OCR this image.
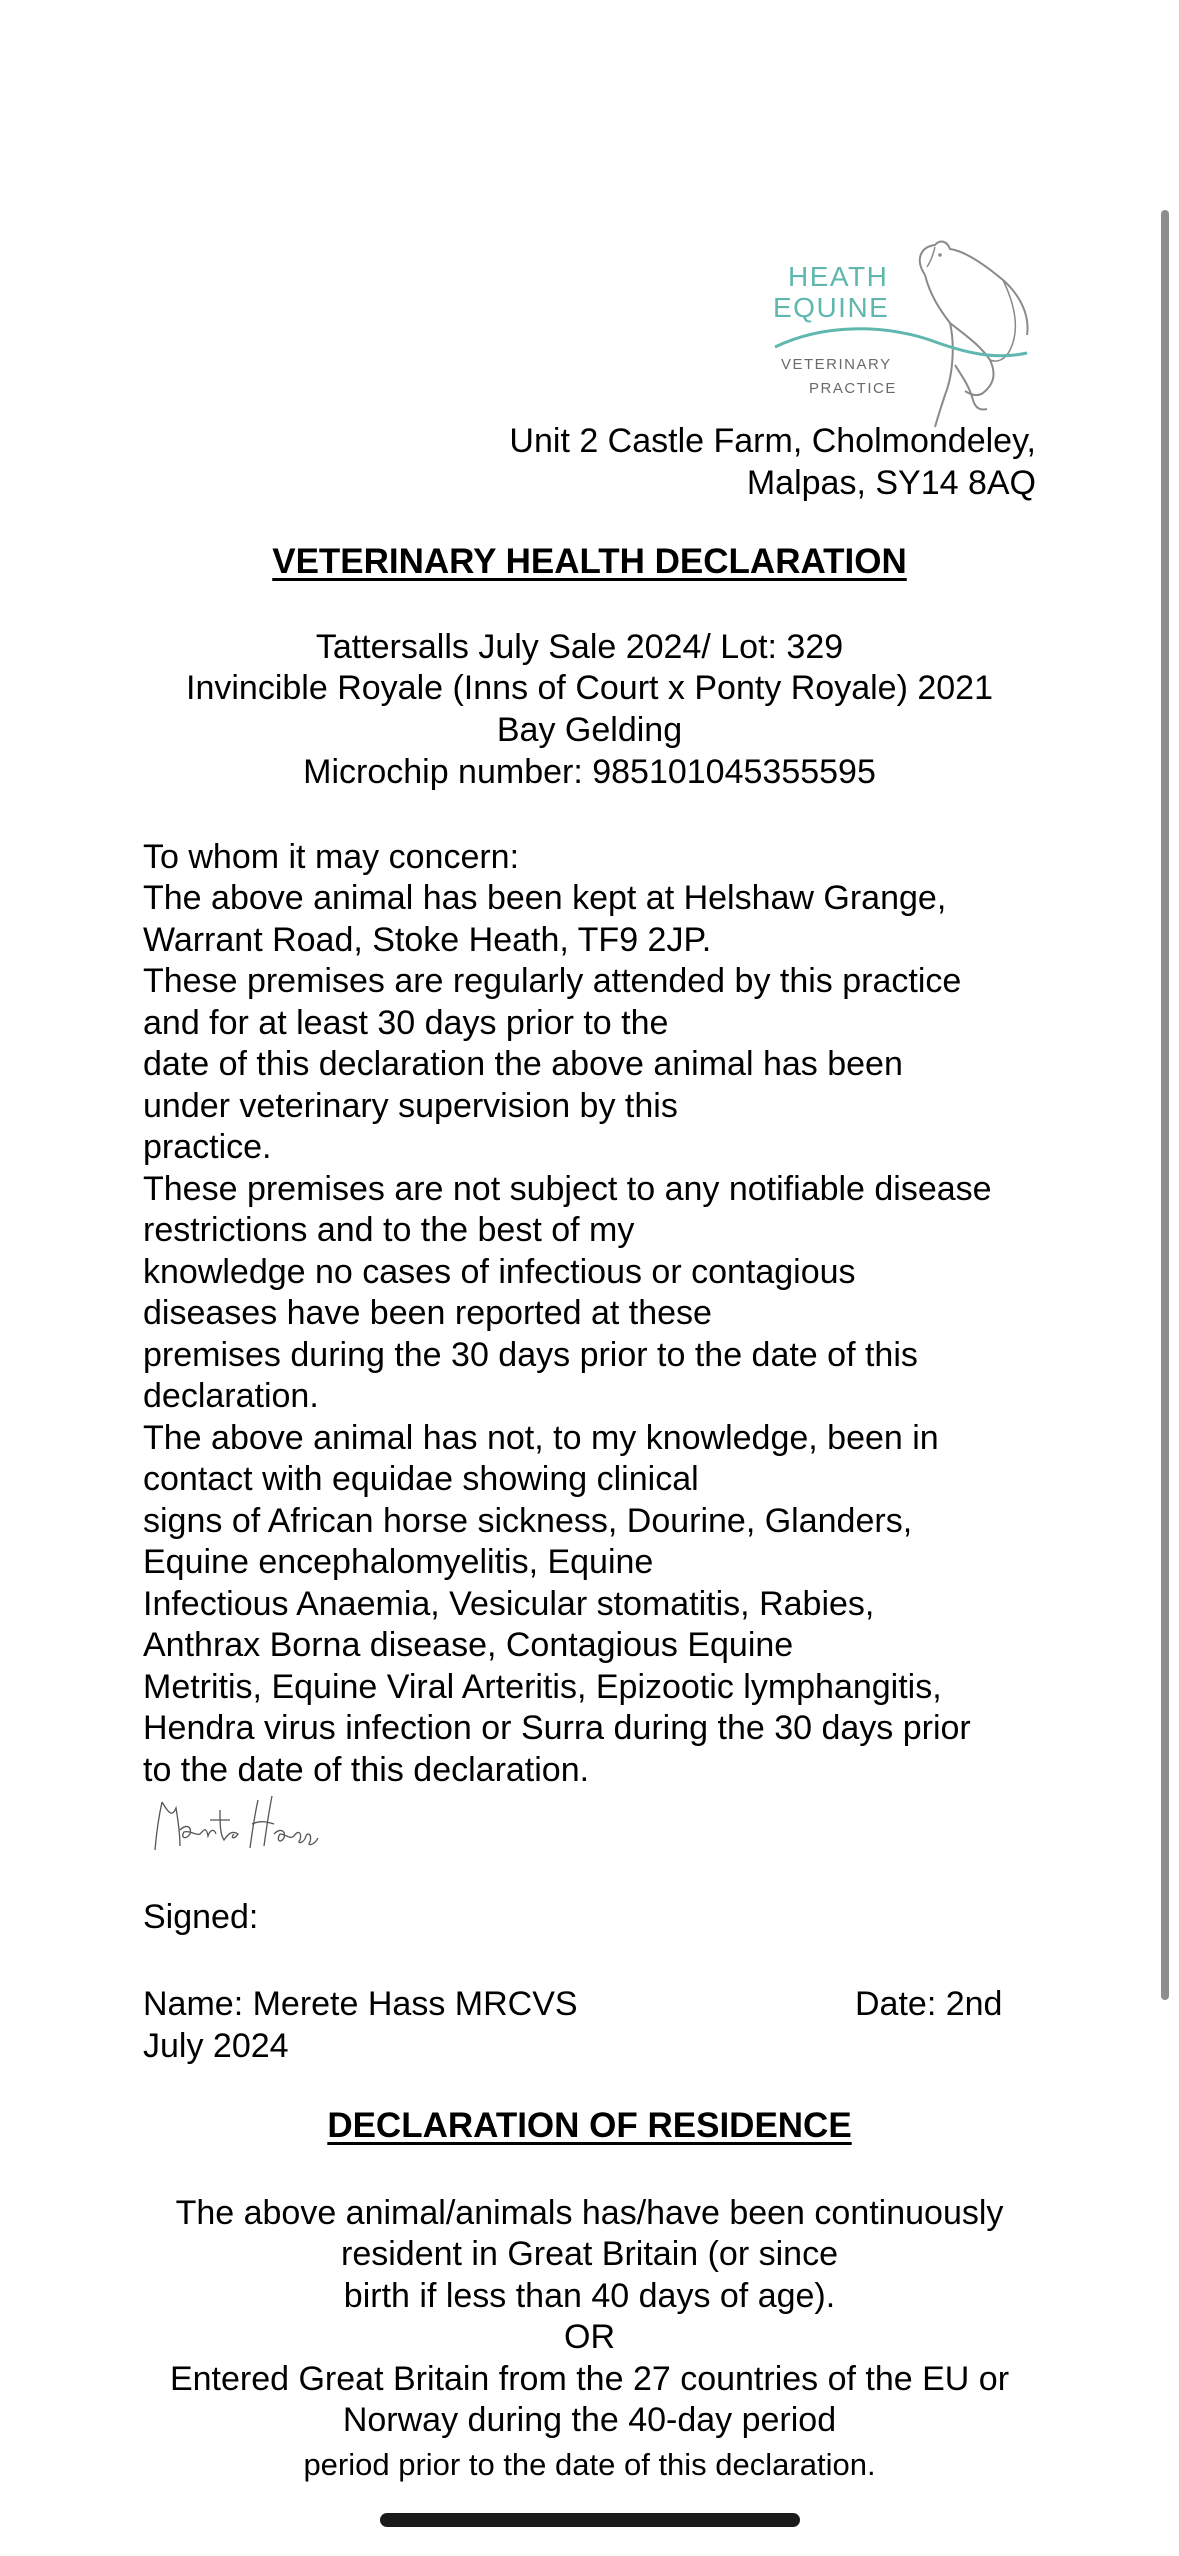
HEATH
EQUINE
VETERINARY
PRACTICE
Unit 2 Castle Farm, Cholmondeley,
Malpas, SY14 8AQ
VETERINARY HEALTH DECLARATION
Tattersalls July Sale 2024/ Lot: 329
Invincible Royale (Inns of Court x Ponty Royale) 2021
Bay Gelding
Microchip number: 985101045355595
To whom it may concern:
The above animal has been kept at Helshaw Grange,
Warrant Road, Stoke Heath, TF9 2JP.
These premises are regularly attended by this practice
and for at least 30 days prior to the
date of this declaration the above animal has been
under veterinary supervision by this
practice.
These premises are not subject to any notifiable disease
restrictions and to the best of my
knowledge no cases of infectious or contagious
diseases have been reported at these
premises during the 30 days prior to the date of this
declaration.
The above animal has not, to my knowledge, been in
contact with equidae showing clinical
signs of African horse sickness, Dourine, Glanders,
Equine encephalomyelitis, Equine
Infectious Anaemia, Vesicular stomatitis, Rabies,
Anthrax Borna disease, Contagious Equine
Metritis, Equine Viral Arteritis, Epizootic lymphangitis,
Hendra virus infection or Surra during the 30 days prior
to the date of this declaration.
Signed:
Name: Merete Hass MRCVS	Date: 2nd
July 2024
DECLARATION OF RESIDENCE
The above animal/animals has/have been continuously
resident in Great Britain (or since
birth if less than 40 days of age).
OR
Entered Great Britain from the 27 countries of the EU or
Norway during the 40-day period
period prior to the date of this declaration.
